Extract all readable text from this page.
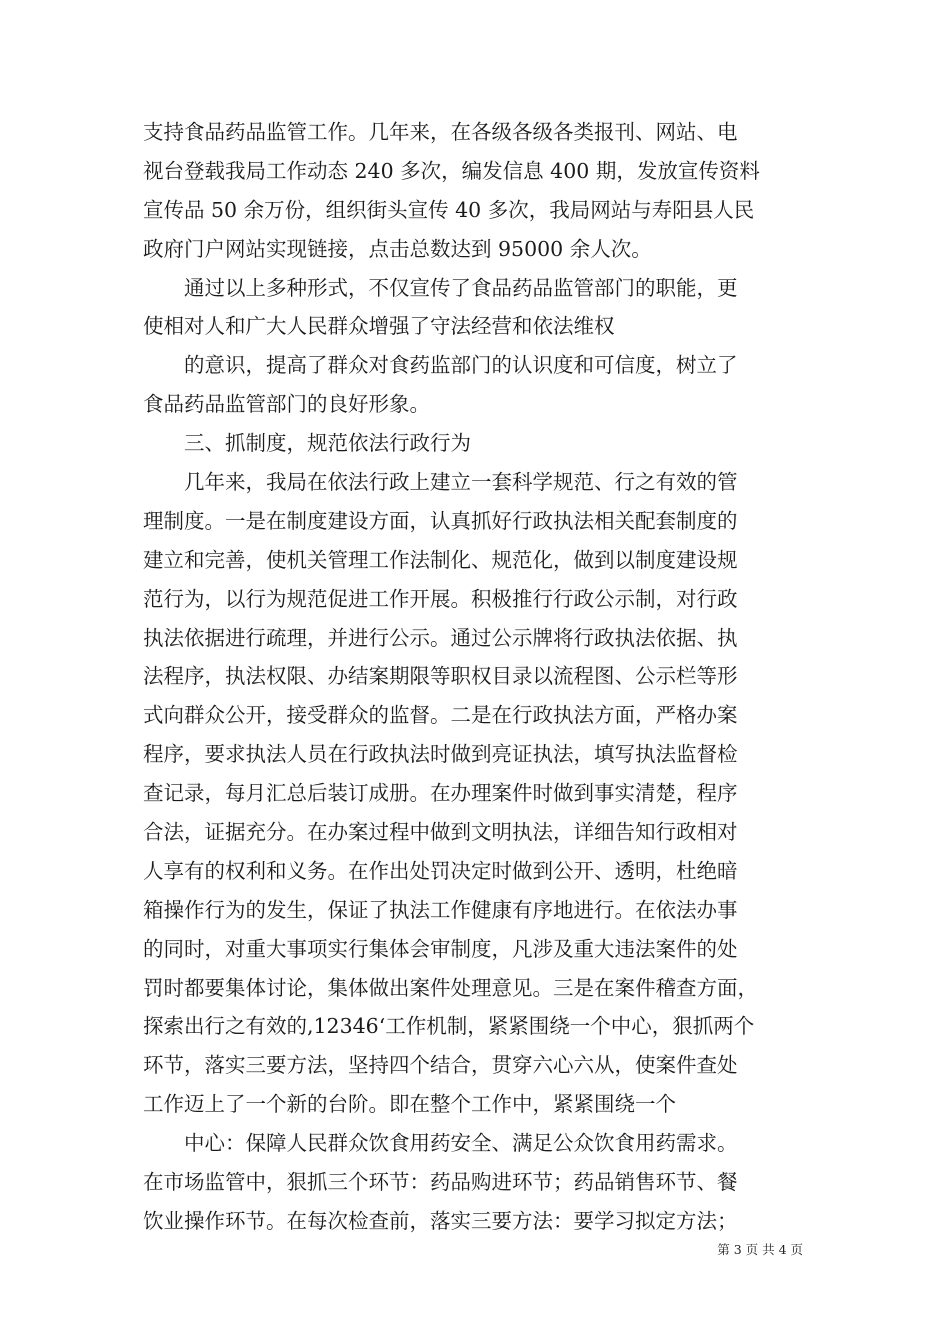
支持食品药品监管工作。几年来，在各级各级各类报刊、网站、电
视台登载我局工作动态 240 多次，编发信息 400 期，发放宣传资料
宣传品 50 余万份，组织街头宣传 40 多次，我局网站与寿阳县人民
政府门户网站实现链接，点击总数达到 95000 余人次。
通过以上多种形式，不仅宣传了食品药品监管部门的职能，更
使相对人和广大人民群众增强了守法经营和依法维权
的意识，提高了群众对食药监部门的认识度和可信度，树立了
食品药品监管部门的良好形象。
三、抓制度，规范依法行政行为
几年来，我局在依法行政上建立一套科学规范、行之有效的管
理制度。一是在制度建设方面，认真抓好行政执法相关配套制度的
建立和完善，使机关管理工作法制化、规范化，做到以制度建设规
范行为，以行为规范促进工作开展。积极推行行政公示制，对行政
执法依据进行疏理，并进行公示。通过公示牌将行政执法依据、执
法程序，执法权限、办结案期限等职权目录以流程图、公示栏等形
式向群众公开，接受群众的监督。二是在行政执法方面，严格办案
程序，要求执法人员在行政执法时做到亮证执法，填写执法监督检
查记录，每月汇总后装订成册。在办理案件时做到事实清楚，程序
合法，证据充分。在办案过程中做到文明执法，详细告知行政相对
人享有的权利和义务。在作出处罚决定时做到公开、透明，杜绝暗
箱操作行为的发生，保证了执法工作健康有序地进行。在依法办事
的同时，对重大事项实行集体会审制度，凡涉及重大违法案件的处
罚时都要集体讨论，集体做出案件处理意见。三是在案件稽查方面，
探索出行之有效的,12346‘工作机制，紧紧围绕一个中心，狠抓两个
环节，落实三要方法，坚持四个结合，贯穿六心六从，使案件查处
工作迈上了一个新的台阶。即在整个工作中，紧紧围绕一个
中心：保障人民群众饮食用药安全、满足公众饮食用药需求。
在市场监管中，狠抓三个环节：药品购进环节；药品销售环节、餐
饮业操作环节。在每次检查前，落实三要方法：要学习拟定方法；
第 3 页 共 4 页
